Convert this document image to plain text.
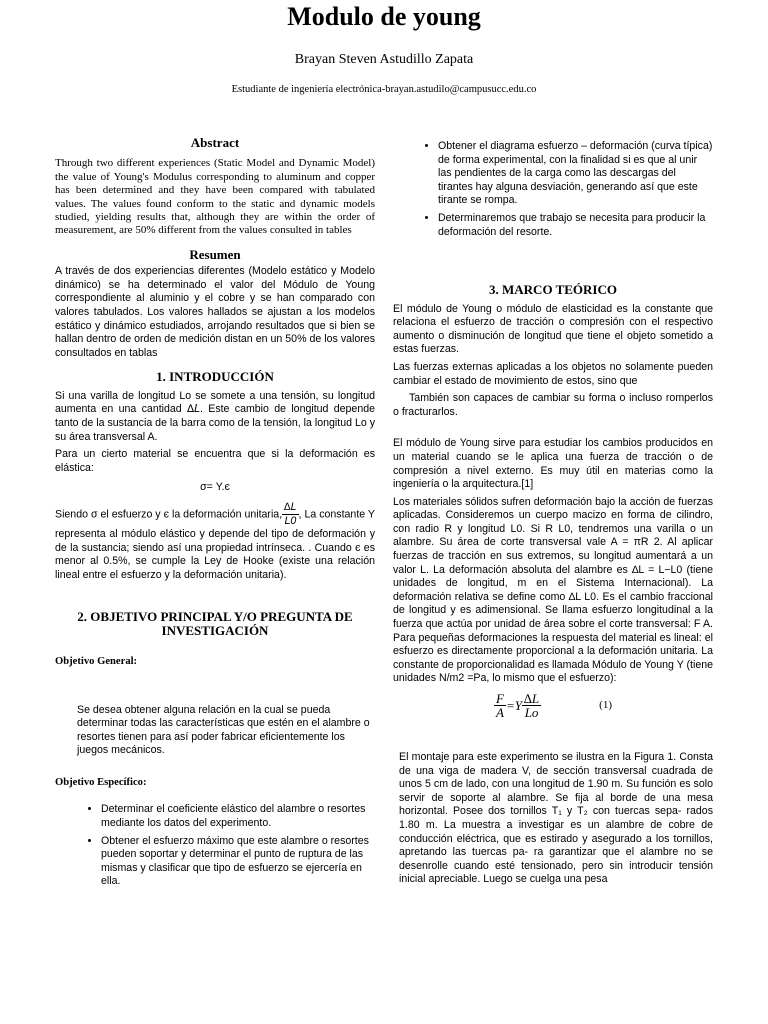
Modulo de young
Brayan Steven Astudillo Zapata
Estudiante de ingeniería electrónica-brayan.astudilo@campusucc.edu.co
Abstract

Through two different experiences (Static Model and Dynamic Model) the value of Young's Modulus corresponding to aluminum and copper has been determined and they have been compared with tabulated values. The values found conform to the static and dynamic models studied, yielding results that, although they are within the order of measurement, are 50% different from the values consulted in tables

Resumen

A través de dos experiencias diferentes (Modelo estático y Modelo dinámico) se ha determinado el valor del Módulo de Young correspondiente al aluminio y el cobre y se han comparado con valores tabulados. Los valores hallados se ajustan a los modelos estático y dinámico estudiados, arrojando resultados que si bien se hallan dentro de orden de medición distan en un 50% de los valores consultados en tablas

1. INTRODUCCIÓN

Si una varilla de longitud Lo se somete a una tensión, su longitud aumenta en una cantidad ∆L. Este cambio de longitud depende tanto de la sustancia de la barra como de la tensión, la longitud Lo y su área transversal A.

Para un cierto material se encuentra que si la deformación es elástica:

σ= Y.є

Siendo σ el esfuerzo y є la deformación unitaria, $\frac{\Delta L}{L0}$ , La constante Y representa al módulo elástico y depende del tipo de deformación y de la sustancia; siendo así una propiedad intrínseca. . Cuando є es menor al 0.5%, se cumple la Ley de Hooke (existe una relación lineal entre el esfuerzo y la deformación unitaria).

2. OBJETIVO PRINCIPAL Y/O PREGUNTA DE INVESTIGACIÓN

Objetivo General:

Se desea obtener alguna relación en la cual se pueda determinar todas las características que estén en el alambre o resortes tienen para así poder fabricar eficientemente los juegos mecánicos.

Objetivo Específico:

• Determinar el coeficiente elástico del alambre o resortes mediante los datos del experimento.
• Obtener el esfuerzo máximo que este alambre o resortes pueden soportar y determinar el punto de ruptura de las mismas y clasificar que tipo de esfuerzo se ejercería en ella.
• Obtener el diagrama esfuerzo – deformación (curva típica) de forma experimental, con la finalidad si es que al unir las pendientes de la carga como las descargas del tirantes hay alguna desviación, generando así que este tirante se rompa.
• Determinaremos que trabajo se necesita para producir la deformación del resorte.
3. MARCO TEÓRICO

El módulo de Young o módulo de elasticidad es la constante que relaciona el esfuerzo de tracción o compresión con el respectivo aumento o disminución de longitud que tiene el objeto sometido a estas fuerzas.

Las fuerzas externas aplicadas a los objetos no solamente pueden cambiar el estado de movimiento de estos, sino que

También son capaces de cambiar su forma o incluso romperlos o fracturarlos.

El módulo de Young sirve para estudiar los cambios producidos en un material cuando se le aplica una fuerza de tracción o de compresión a nivel externo. Es muy útil en materias como la ingeniería o la arquitectura.[1]

Los materiales sólidos sufren deformación bajo la acción de fuerzas aplicadas. Consideremos un cuerpo macizo en forma de cilindro, con radio R y longitud L0. Si R L0, tendremos una varilla o un alambre. Su área de corte transversal vale A = πR 2. Al aplicar fuerzas de tracción en sus extremos, su longitud aumentará a un valor L. La deformación absoluta del alambre es ∆L = L−L0 (tiene unidades de longitud, m en el Sistema Internacional). La deformación relativa se define como ∆L L0. Es el cambio fraccional de longitud y es adimensional. Se llama esfuerzo longitudinal a la fuerza que actúa por unidad de área sobre el corte transversal: F A. Para pequeñas deformaciones la respuesta del material es lineal: el esfuerzo es directamente proporcional a la deformación unitaria. La constante de proporcionalidad es llamada Módulo de Young Y (tiene unidades N/m2 =Pa, lo mismo que el esfuerzo):

$\frac{F}{A} =Y \frac{\Delta L}{Lo}$	(1)

El montaje para este experimento se ilustra en la Figura 1. Consta de una viga de madera V, de sección transversal cuadrada de unos 5 cm de lado, con una longitud de 1.90 m. Su función es solo servir de soporte al alambre. Se fija al borde de una mesa horizontal. Posee dos tornillos T₁ y T₂ con tuercas sepa- rados 1.80 m. La muestra a investigar es un alambre de cobre de conducción eléctrica, que es estirado y asegurado a los tornillos, apretando las tuercas pa- ra garantizar que el alambre no se desenrolle cuando esté tensionado, pero sin introducir tensión inicial apreciable. Luego se cuelga una pesa
